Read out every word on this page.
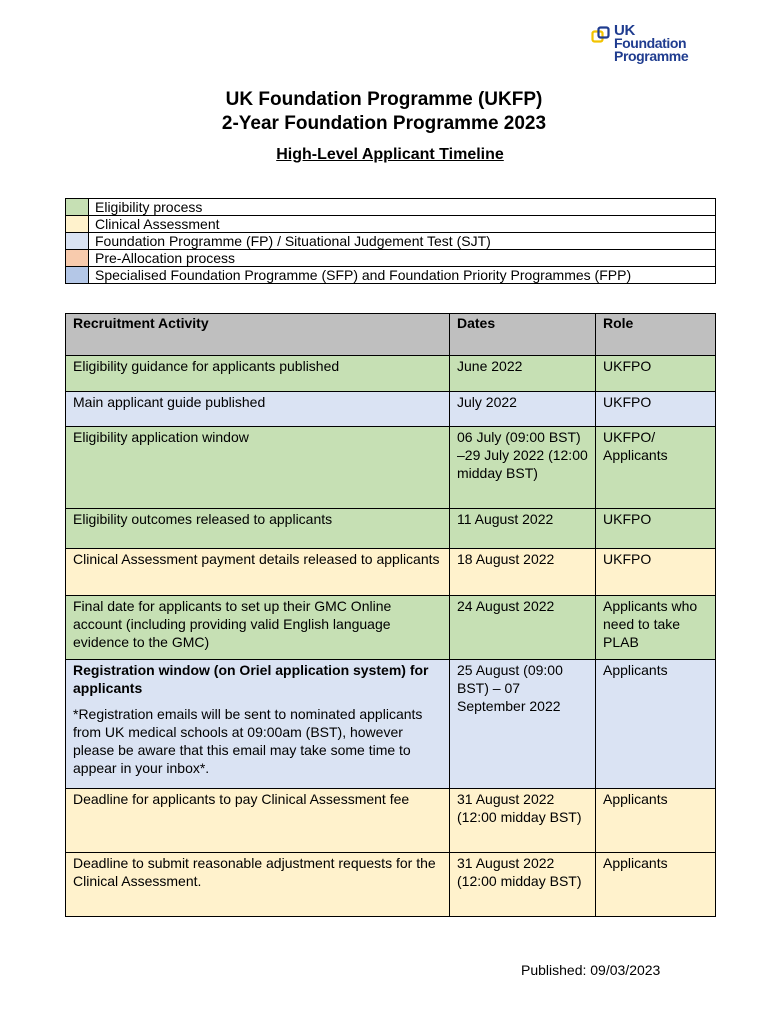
UK
Foundation
Programme
UK Foundation Programme (UKFP)
2-Year Foundation Programme 2023
High-Level Applicant Timeline
	Eligibility process
	Clinical Assessment
	Foundation Programme (FP) / Situational Judgement Test (SJT)
	Pre-Allocation process
	Specialised Foundation Programme (SFP) and Foundation Priority Programmes (FPP)
Recruitment Activity	Dates	Role

Eligibility guidance for applicants published	June 2022	UKFPO

Main applicant guide published	July 2022	UKFPO

Eligibility application window	06 July (09:00 BST) –29 July 2022 (12:00 midday BST)	UKFPO/ Applicants

Eligibility outcomes released to applicants	11 August 2022	UKFPO

Clinical Assessment payment details released to applicants	18 August 2022	UKFPO

Final date for applicants to set up their GMC Online account (including providing valid English language evidence to the GMC)	24 August 2022	Applicants who need to take PLAB

Registration window (on Oriel application system) for applicants
*Registration emails will be sent to nominated applicants from UK medical schools at 09:00am (BST), however please be aware that this email may take some time to appear in your inbox*.	25 August (09:00 BST) – 07 September 2022	Applicants

Deadline for applicants to pay Clinical Assessment fee	31 August 2022 (12:00 midday BST)	Applicants

Deadline to submit reasonable adjustment requests for the Clinical Assessment.	31 August 2022 (12:00 midday BST)	Applicants
Published: 09/03/2023
